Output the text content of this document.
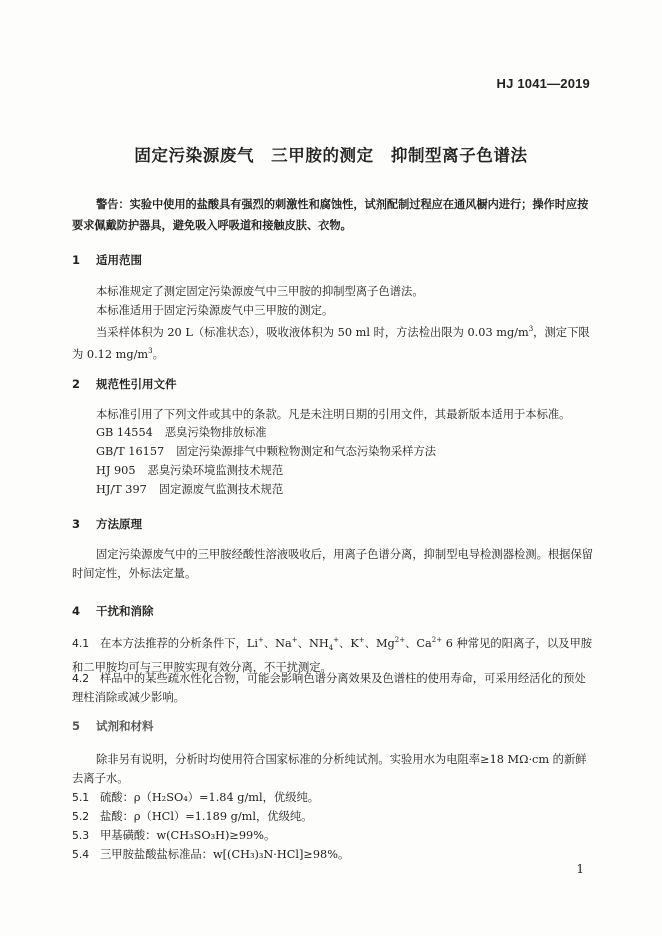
HJ 1041—2019
固定污染源废气　三甲胺的测定　抑制型离子色谱法
警告：实验中使用的盐酸具有强烈的刺激性和腐蚀性，试剂配制过程应在通风橱内进行；操作时应按要求佩戴防护器具，避免吸入呼吸道和接触皮肤、衣物。
1 适用范围
本标准规定了测定固定污染源废气中三甲胺的抑制型离子色谱法。
本标准适用于固定污染源废气中三甲胺的测定。
当采样体积为 20 L（标准状态），吸收液体积为 50 ml 时，方法检出限为 0.03 $mg/m^3$，测定下限为 0.12 $mg/m^3$。
2 规范性引用文件
本标准引用了下列文件或其中的条款。凡是未注明日期的引用文件，其最新版本适用于本标准。
GB 14554 恶臭污染物排放标准
GB/T 16157 固定污染源排气中颗粒物测定和气态污染物采样方法
HJ 905 恶臭污染环境监测技术规范
HJ/T 397 固定源废气监测技术规范
3 方法原理
固定污染源废气中的三甲胺经酸性溶液吸收后，用离子色谱分离，抑制型电导检测器检测。根据保留时间定性，外标法定量。
4 干扰和消除
4.1 在本方法推荐的分析条件下，Li+、Na+、$NH_4^+$、K+、$Mg^{2+}$、$Ca^{2+}$ 6 种常见的阳离子，以及甲胺和二甲胺均可与三甲胺实现有效分离，不干扰测定。
4.2 样品中的某些疏水性化合物，可能会影响色谱分离效果及色谱柱的使用寿命，可采用经活化的预处理柱消除或减少影响。
5 试剂和材料
除非另有说明，分析时均使用符合国家标准的分析纯试剂。实验用水为电阻率≥18 MΩ·cm 的新鲜去离子水。
5.1 硫酸：ρ（H₂SO₄）=1.84 g/ml，优级纯。
5.2 盐酸：ρ（HCl）=1.189 g/ml，优级纯。
5.3 甲基磺酸：w(CH₃SO₃H)≥99%。
5.4 三甲胺盐酸盐标准品：w[(CH₃)₃N·HCl]≥98%。
1
